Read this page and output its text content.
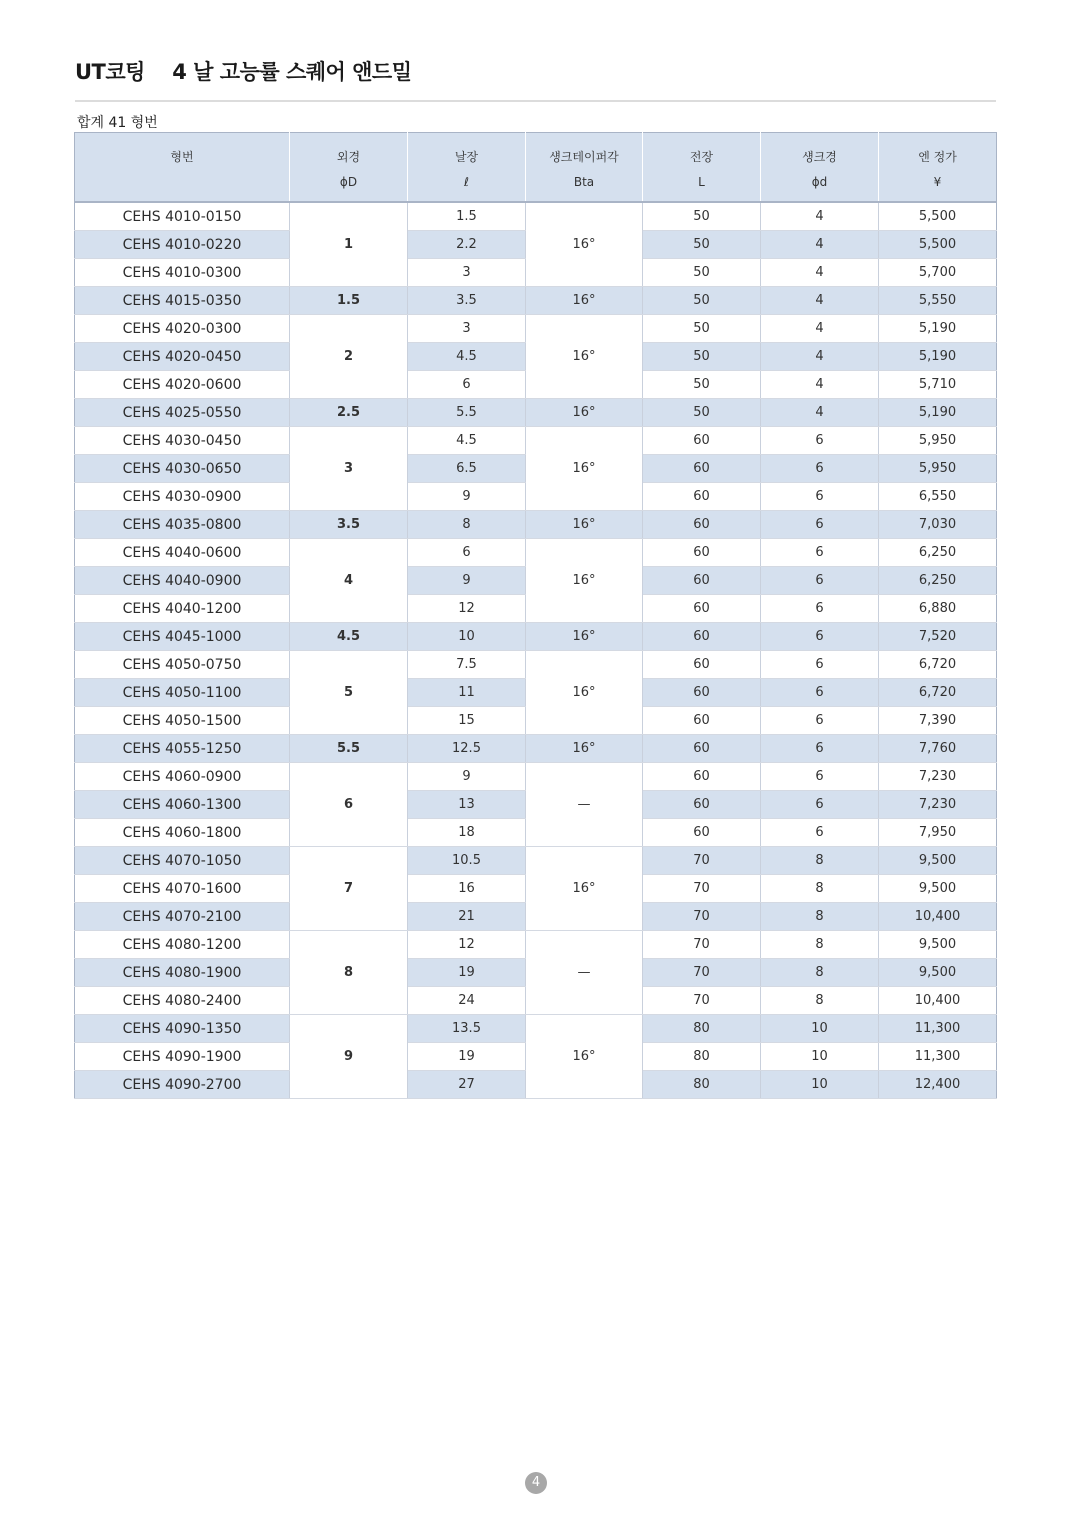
UT코팅　 4 날 고능률 스퀘어 앤드밀
합계 41 형번
형번	외경	날장	섕크테이퍼각	전장	섕크경	엔 정가
	ϕD	ℓ	Bta	L	ϕd	¥
CEHS 4010-0150	1	1.5	16°	50	4	5,500
CEHS 4010-0220		2.2		50	4	5,500
CEHS 4010-0300		3		50	4	5,700
CEHS 4015-0350	1.5	3.5	16°	50	4	5,550
CEHS 4020-0300	2	3	16°	50	4	5,190
CEHS 4020-0450		4.5		50	4	5,190
CEHS 4020-0600		6		50	4	5,710
CEHS 4025-0550	2.5	5.5	16°	50	4	5,190
CEHS 4030-0450	3	4.5	16°	60	6	5,950
CEHS 4030-0650		6.5		60	6	5,950
CEHS 4030-0900		9		60	6	6,550
CEHS 4035-0800	3.5	8	16°	60	6	7,030
CEHS 4040-0600	4	6	16°	60	6	6,250
CEHS 4040-0900		9		60	6	6,250
CEHS 4040-1200		12		60	6	6,880
CEHS 4045-1000	4.5	10	16°	60	6	7,520
CEHS 4050-0750	5	7.5	16°	60	6	6,720
CEHS 4050-1100		11		60	6	6,720
CEHS 4050-1500		15		60	6	7,390
CEHS 4055-1250	5.5	12.5	16°	60	6	7,760
CEHS 4060-0900	6	9	—	60	6	7,230
CEHS 4060-1300		13		60	6	7,230
CEHS 4060-1800		18		60	6	7,950
CEHS 4070-1050	7	10.5	16°	70	8	9,500
CEHS 4070-1600		16		70	8	9,500
CEHS 4070-2100		21		70	8	10,400
CEHS 4080-1200	8	12	—	70	8	9,500
CEHS 4080-1900		19		70	8	9,500
CEHS 4080-2400		24		70	8	10,400
CEHS 4090-1350	9	13.5	16°	80	10	11,300
CEHS 4090-1900		19		80	10	11,300
CEHS 4090-2700		27		80	10	12,400
4
